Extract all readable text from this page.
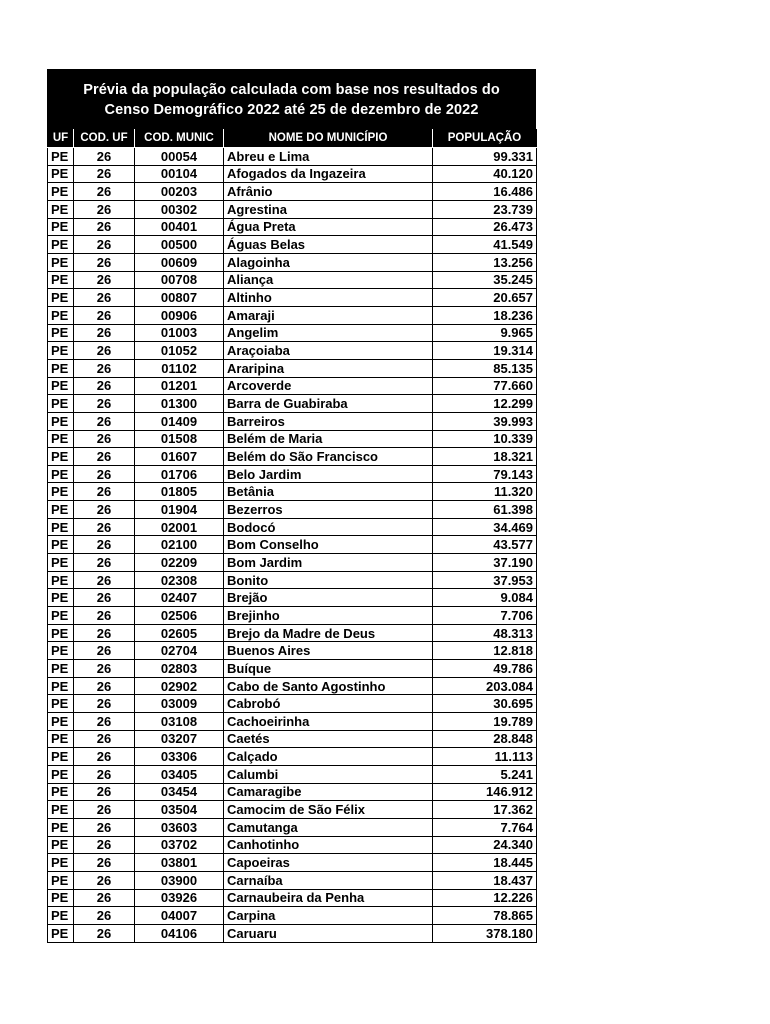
Prévia da população calculada com base nos resultados do
Censo Demográfico 2022 até 25 de dezembro de 2022
UF	COD. UF	COD. MUNIC	NOME DO MUNICÍPIO	POPULAÇÃO
PE	26	00054	Abreu e Lima	99.331
PE	26	00104	Afogados da Ingazeira	40.120
PE	26	00203	Afrânio	16.486
PE	26	00302	Agrestina	23.739
PE	26	00401	Água Preta	26.473
PE	26	00500	Águas Belas	41.549
PE	26	00609	Alagoinha	13.256
PE	26	00708	Aliança	35.245
PE	26	00807	Altinho	20.657
PE	26	00906	Amaraji	18.236
PE	26	01003	Angelim	9.965
PE	26	01052	Araçoiaba	19.314
PE	26	01102	Araripina	85.135
PE	26	01201	Arcoverde	77.660
PE	26	01300	Barra de Guabiraba	12.299
PE	26	01409	Barreiros	39.993
PE	26	01508	Belém de Maria	10.339
PE	26	01607	Belém do São Francisco	18.321
PE	26	01706	Belo Jardim	79.143
PE	26	01805	Betânia	11.320
PE	26	01904	Bezerros	61.398
PE	26	02001	Bodocó	34.469
PE	26	02100	Bom Conselho	43.577
PE	26	02209	Bom Jardim	37.190
PE	26	02308	Bonito	37.953
PE	26	02407	Brejão	9.084
PE	26	02506	Brejinho	7.706
PE	26	02605	Brejo da Madre de Deus	48.313
PE	26	02704	Buenos Aires	12.818
PE	26	02803	Buíque	49.786
PE	26	02902	Cabo de Santo Agostinho	203.084
PE	26	03009	Cabrobó	30.695
PE	26	03108	Cachoeirinha	19.789
PE	26	03207	Caetés	28.848
PE	26	03306	Calçado	11.113
PE	26	03405	Calumbi	5.241
PE	26	03454	Camaragibe	146.912
PE	26	03504	Camocim de São Félix	17.362
PE	26	03603	Camutanga	7.764
PE	26	03702	Canhotinho	24.340
PE	26	03801	Capoeiras	18.445
PE	26	03900	Carnaíba	18.437
PE	26	03926	Carnaubeira da Penha	12.226
PE	26	04007	Carpina	78.865
PE	26	04106	Caruaru	378.180
